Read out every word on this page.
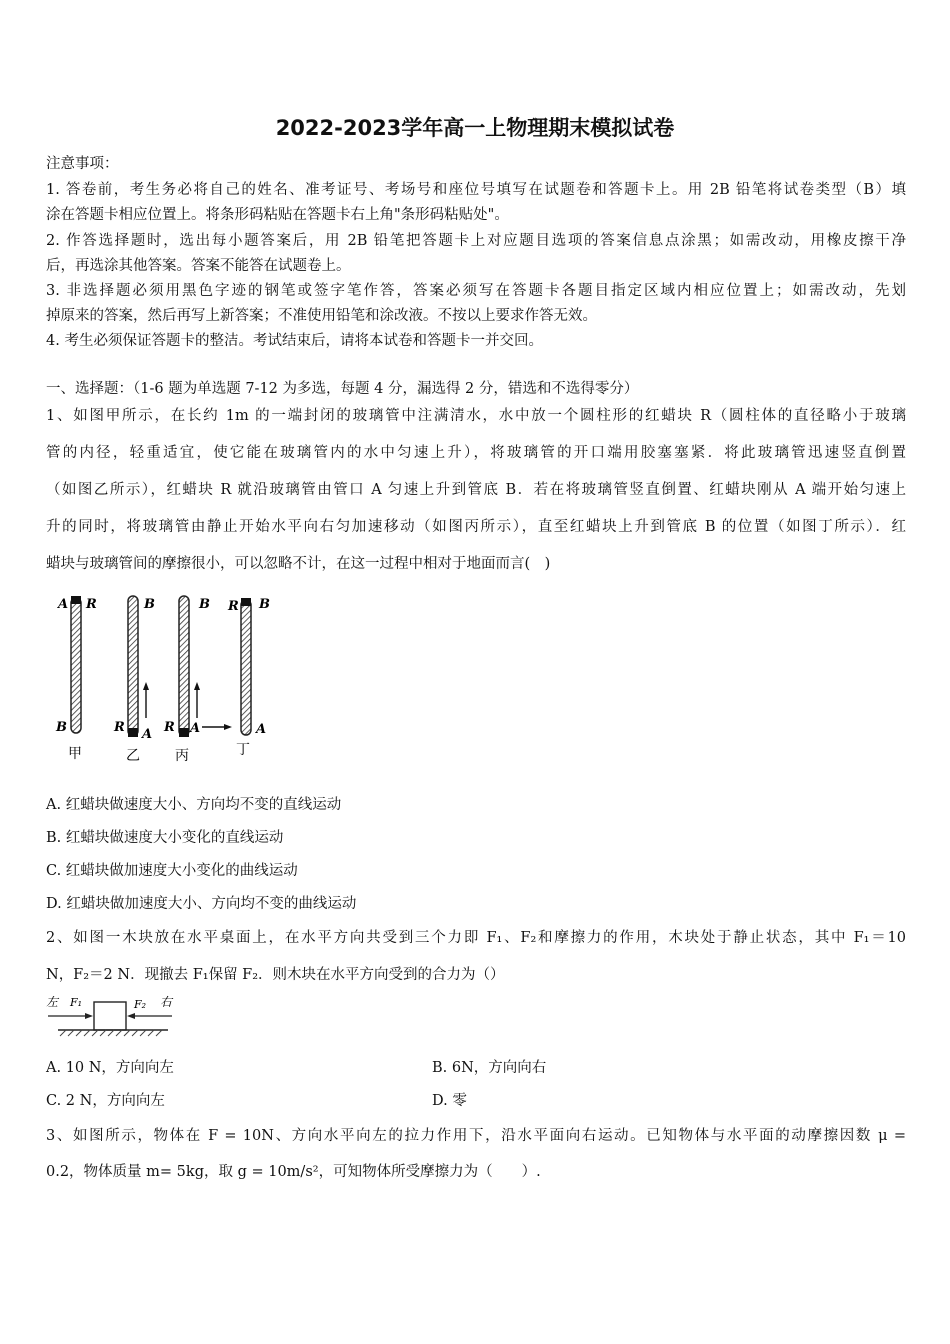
2022-2023学年高一上物理期末模拟试卷
注意事项：
1. 答卷前，考生务必将自己的姓名、准考证号、考场号和座位号填写在试题卷和答题卡上。用 2B 铅笔将试卷类型（B）填
涂在答题卡相应位置上。将条形码粘贴在答题卡右上角"条形码粘贴处"。
2. 作答选择题时，选出每小题答案后，用 2B 铅笔把答题卡上对应题目选项的答案信息点涂黑；如需改动，用橡皮擦干净
后，再选涂其他答案。答案不能答在试题卷上。
3. 非选择题必须用黑色字迹的钢笔或签字笔作答，答案必须写在答题卡各题目指定区域内相应位置上；如需改动，先划
掉原来的答案，然后再写上新答案；不准使用铅笔和涂改液。不按以上要求作答无效。
4. 考生必须保证答题卡的整洁。考试结束后，请将本试卷和答题卡一并交回。
一、选择题：（1-6 题为单选题 7-12 为多选，每题 4 分，漏选得 2 分，错选和不选得零分）
1、如图甲所示，在长约 1m 的一端封闭的玻璃管中注满清水，水中放一个圆柱形的红蜡块 R（圆柱体的直径略小于玻璃
管的内径，轻重适宜，使它能在玻璃管内的水中匀速上升），将玻璃管的开口端用胶塞塞紧．将此玻璃管迅速竖直倒置
（如图乙所示），红蜡块 R 就沿玻璃管由管口 A 匀速上升到管底 B．若在将玻璃管竖直倒置、红蜡块刚从 A 端开始匀速上
升的同时，将玻璃管由静止开始水平向右匀加速移动（如图丙所示），直至红蜡块上升到管底 B 的位置（如图丁所示）．红
蜡块与玻璃管间的摩擦很小，可以忽略不计，在这一过程中相对于地面而言(　)
A R
B
甲
B
R A
乙
B
R A
丙
R B
A
丁
A. 红蜡块做速度大小、方向均不变的直线运动
B. 红蜡块做速度大小变化的直线运动
C. 红蜡块做加速度大小变化的曲线运动
D. 红蜡块做加速度大小、方向均不变的曲线运动
2、如图一木块放在水平桌面上，在水平方向共受到三个力即 F₁、F₂和摩擦力的作用，木块处于静止状态，其中 F₁＝10
N，F₂＝2 N．现撤去 F₁保留 F₂．则木块在水平方向受到的合力为（）
左 F₁	F₂ 右
A. 10 N，方向向左	B. 6N，方向向右
C. 2 N，方向向左	D. 零
3、如图所示，物体在 F = 10N、方向水平向左的拉力作用下，沿水平面向右运动。已知物体与水平面的动摩擦因数 μ =
0.2，物体质量 m= 5kg，取 g = 10m/s²，可知物体所受摩擦力为（　　）.
